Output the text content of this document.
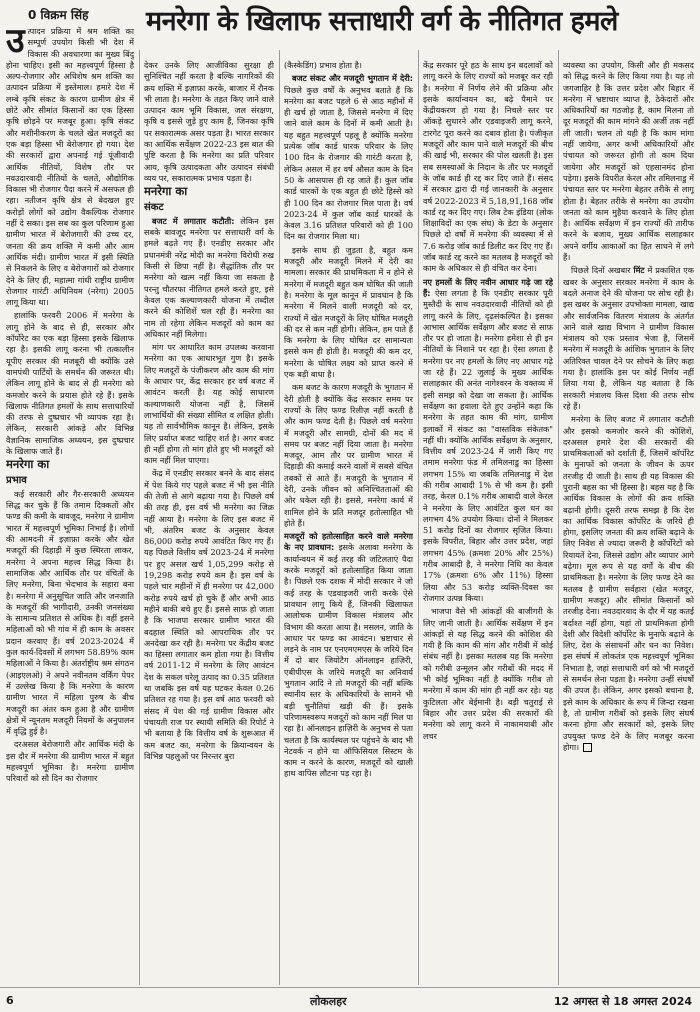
0 विक्रम सिंह मनरेगा के खिलाफ सत्ताधारी वर्ग के नीतिगत हमले

उत्पादन प्रक्रिया में श्रम शक्ति का सम्पूर्ण उपयोग किसी भी देश में विकास की अवधारणा का मुख्य बिंदु होना चाहिए। इसी का महत्त्वपूर्ण हिस्सा है अल्प-रोजगार और अधिशेष श्रम शक्ति का उत्पादन प्रक्रिया में इस्तेमाल। हमारे देश में लम्बे कृषि संकट के कारण ग्रामीण क्षेत्र में छोटे और सीमांत किसानों का एक हिस्सा कृषि छोड़ने पर मजबूर हुआ। कृषि संकट और मशीनीकरण के चलते खेत मजदूरों का एक बड़ा हिस्सा भी बेरोजगार हो गया। देश की सरकारों द्वारा अपनाई गई पूंजीवादी आर्थिक नीतियों, विशेष तौर पर नवउदारवादी नीतियों के चलते, औद्योगिक विकास भी रोजगार पैदा करने में असफल ही रहा। नतीजन कृषि क्षेत्र से बेदखल हुए करोड़ों लोगों को उद्योग वैकल्पिक रोजगार नहीं दे सका। इस सब का कुल परिणाम हुआ ग्रामीण भारत में बेरोजगारी की उच्च दर, जनता की क्रय शक्ति में कमी और आम आर्थिक मंदी। ग्रामीण भारत में इसी स्थिति से निकलने के लिए व बेरोजगारों को रोजगार देने के लिए ही, महात्मा गांधी राष्ट्रीय ग्रामीण रोजगार गारंटी अधिनियम (नरेगा) 2005 लागू किया था।

हालांकि फरवरी 2006 में मनरेगा के लागू होने के बाद से ही, सरकार और कॉर्पोरेट का एक बड़ा हिस्सा इसके खिलाफ रहा है। इसकी लागू करना भी तत्कालीन यूपीए सरकार की मजबूरी थी क्योंकि उसे वामपंथी पार्टियों के समर्थन की जरूरत थी। लेकिन लागू होने के बाद से ही मनरेगा को कमजोर करने के प्रयास होते रहे हैं। इसके खिलाफ नीतिगत हमलों के साथ सत्ताधारियों की तरफ से दुष्प्रचार भी व्यापक रहा है। लेकिन, सरकारी आंकड़े और विभिन्न वैज्ञानिक सामाजिक अध्ययन, इस दुष्प्रचार के खिलाफ जाते हैं।

मनरेगा का
प्रभाव

कई सरकारी और गैर-सरकारी अध्ययन सिद्ध कर चुके हैं कि तमाम दिक्कतों और फण्ड की कमी के बावजूद, मनरेगा ने ग्रामीण भारत में महत्त्वपूर्ण भूमिका निभाई है। लोगों की आमदनी में इज़ाफ़ा करके और खेत मजदूरों की दिहाड़ी में कुछ स्थिरता लाकर, मनरेगा ने अपना महत्त्व सिद्ध किया है। सामाजिक और आर्थिक तौर पर वंचितों के लिए मनरेगा, बिना भेदभाव के सहारा बना है। मनरेगा में अनुसूचित जाति और जनजाति के मजदूरों की भागीदारी, उनकी जनसंख्या के सामान्य प्रतिशत से अधिक है। वहीं इसने महिलाओं को भी गांव में ही काम के अवसर प्रदान करवाए हैं। वर्ष 2023-2024 में कुल कार्य-दिवसों में लगभग 58.89% काम महिलाओं ने किया है। अंतर्राष्ट्रीय श्रम संगठन (आइएलओ) ने अपने नवीनतम वर्किंग पेपर में उल्लेख किया है कि मनरेगा के कारण ग्रामीण भारत में महिला पुरुष के बीच मजदूरी का अंतर कम हुआ है और ग्रामीण क्षेत्रों में न्यूनतम मजदूरी नियमों के अनुपालन में वृद्धि हुई है।

दरअसल बेरोजगारी और आर्थिक मंदी के इस दौर में मनरेगा की ग्रामीण भारत में बहुत महत्त्वपूर्ण भूमिका है। मनरेगा ग्रामीण परिवारों को सौ दिन का रोजगार

देकर उनके लिए आजीविका सुरक्षा ही सुनिश्चित नहीं करता है बल्कि नागरिकों की क्रय शक्ति में इज़ाफ़ा करके, बाजार में रौनक भी लाता है। मनरेगा के तहत किए जाने वाले उत्पादन काम भूमि विकास, जल संरक्षण, कृषि व इससे जुड़े हुए काम हैं, जिनका कृषि पर सकारात्मक असर पड़ता है। भारत सरकार का आर्थिक सर्वेक्षण 2022-23 इस बात की पुष्टि करता है कि मनरेगा का प्रति परिवार आय, कृषि उत्पादकता और उत्पादन संबंधी व्यय पर, सकारात्मक प्रभाव पड़ता है।

मनरेगा का
संकट

बजट में लगातार कटौती: लेकिन इस सबके बावजूद मनरेगा पर सत्ताधारी वर्ग के हमले बढ़ते गए हैं। एनडीए सरकार और प्रधानमंत्री नरेंद्र मोदी का मनरेगा विरोधी रुख किसी से छिपा नहीं है। सैद्धांतिक तौर पर मनरेगा को खत्म नहीं किया जा सकता है परन्तु चौतरफा नीतिगत हमले करते हुए, इसे केवल एक कल्याणकारी योजना में तब्दील करने की कोशिशें चल रही हैं। मनरेगा का नाम तो रहेगा लेकिन मजदूरों को काम का अधिकार नहीं मिलेगा।

मांग पर आधारित काम उपलब्ध करवाना मनरेगा का एक आधारभूत गुण है। इसके लिए मजदूरों के पंजीकरण और काम की मांग के आधार पर, केंद्र सरकार हर वर्ष बजट में आवंटन करती है। यह कोई साधारण कल्याणकारी योजना नहीं है, जिसमें लाभार्थियों की संख्या सीमित व लक्षित होती। यह तो सार्वभौमिक कानून है। लेकिन, इसके लिए प्रर्याप्त बजट चाहिए शर्त है। अगर बजट ही नहीं होगा तो मांग होते हुए भी मजदूरों को काम नहीं मिल पाएगा।

केंद्र में एनडीए सरकार बनने के बाद संसद में पेश किये गए पहले बजट में भी इस नीति की तेजी से आगे बढ़ाया गया है। पिछले वर्ष की तरह ही, इस वर्ष भी मनरेगा का जिक्र नहीं आया है। मनरेगा के लिए इस बजट में भी, अंतरिम बजट के अनुसार केवल 86,000 करोड़ रुपये आवंटित किए गए हैं। यह पिछले वित्तीय वर्ष 2023-24 में मनरेगा पर हुए असल खर्च 1,05,299 करोड़ से 19,298 करोड़ रुपये कम है। इस वर्ष के पहले चार महीनों में ही मनरेगा पर 42,000 करोड़ रुपये खर्च हो चुके हैं और अभी आठ महीने बाकी बचे हुए हैं। इससे साफ़ हो जाता है कि भाजपा सरकार ग्रामीण भारत की बदहाल स्थिति को आपराधिक तौर पर अनदेखा कर रही है। मनरेगा पर केंद्रीय बजट का हिस्सा लगातार कम होता गया है। वित्तीय वर्ष 2011-12 में मनरेगा के लिए आवंटन देश के सकल घरेलू उत्पाद का 0.35 प्रतिशत था जबकि इस वर्ष यह घटकर केवल 0.26 प्रतिशत रह गया है। इस वर्ष आठ फरवरी को संसद में पेश की गई ग्रामीण विकास और पंचायती राज पर स्थायी समिति की रिपोर्ट ने भी बताया है कि वित्तीय वर्ष के शुरूआत में कम बजट का, मनरेगा के क्रियान्वयन के विभिन्न पहलुओं पर निरन्तर बुरा

(कैस्केडिंग) प्रभाव होता है।

बजट संकट और मजदूरी भुगतान में देरी: पिछले कुछ वर्षों के अनुभव बताते हैं कि मनरेगा का बजट पहले 6 से आठ महीनों में ही खर्च हो जाता है, जिससे मनरेगा में दिए जाने वाले काम के दिनों में कमी आती है। यह बहुत महत्त्वपूर्ण पहलू है क्योंकि मनरेगा प्रत्येक जॉब कार्ड धारक परिवार के लिए 100 दिन के रोजगार की गारंटी करता है, लेकिन असल में हर वर्ष औसत काम के दिन 50 के आसपास ही रह जाते हैं। कुल जॉब कार्ड धारकों के एक बहुत ही छोटे हिस्से को ही 100 दिन का रोजगार मिल पाता है। वर्ष 2023-24 में कुल जॉब कार्ड धारकों के केवल 3.16 प्रतिशत परिवारों को ही 100 दिन का रोजगार मिला था।

इसके साथ ही जुड़ता है, बहुत कम मजदूरी और मजदूरी मिलने में देरी का मामला। सरकार की प्राथमिकता में न होने से मनरेगा में मजदूरी बहुत कम घोषित की जाती है। मनरेगा के मूल कानून में प्रावधान है कि मनरेगा में मिलने वाली मजदूरी को दर, राज्यों में खेत मजदूरों के लिए घोषित मजदूरी की दर से कम नहीं होगी। लेकिन, हम पाते हैं कि मनरेगा के लिए घोषित दर सामान्यतः इससे कम ही होती है। मजदूरी की कम दर, मनरेगा के घोषित लक्ष्य को प्राप्त करने में एक बड़ी बाधा है।

कम बजट के कारण मजदूरी के भुगतान में देरी होती है क्योंकि केंद्र सरकार समय पर राज्यों के लिए फण्ड रिलीज़ नहीं करती है और काम फण्ड देती है। पिछले वर्ष मनरेगा में मजदूरी और सामग्री, दोनों की मद में समय पर बजट नहीं दिया जाता है। मनरेगा मजदूर, आम तौर पर ग्रामीण भारत में दिहाड़ी की कमाई करने वालों में सबसे वंचित तबकों से आते हैं। मजदूरी के भुगतान में देरी, उनके जीवन को अनिश्चितताओं की ओर धकेल रही है। इससे, मनरेगा कार्य में शामिल होने के प्रति मजदूर हतोत्साहित भी होते हैं।

मजदूरों को हतोत्साहित करने वाले मनरेगा के नए प्रावधान: इसके अलावा मनरेगा के कार्यान्वयन में कई तरह की जटिलताएं पैदा करके मजदूरों को हतोत्साहित किया जाता है। पिछले एक दशक में मोदी सरकार ने जो कई तरह के एडवाइजरी जारी करके ऐसे प्रावधान लागू किये हैं, जिनकी खिलाफत आलोचक ग्रामीण विकास मंत्रालय और विभाग की करता आया है। मसलन, जाति के आधार पर फण्ड का आवंटन। भ्रष्टाचार से लड़ने के नाम पर एनएमएमएस के जरिये दिन में दो बार जियोटैग ऑनलाइन हाज़िरी, एबीपीएस के जरिये मजदूरी का अनिवार्य भुगतान आदि ने तो मजदूरों की नहीं बल्कि स्थानीय स्तर के अधिकारियों के सामने भी बड़ी चुनौतियां खड़ी की हैं। इसके परिणामस्वरूप मजदूरों को काम नहीं मिल पा रहा है। ऑनलाइन हाज़िरी के अनुभव से पता चलता है कि कार्यस्थल पर पहुंचने के बाद भी नेटवर्क न होने या ऑफिसियल सिस्टम के काम न करने के कारण, मजदूरों को खाली हाथ वापिस लौटना पड़ रहा है।

केंद्र सरकार पूरे हठ के साथ इन बदलावों को लागू करने के लिए राज्यों को मजबूर कर रही है। मनरेगा में निर्णय लेने की प्रक्रिया और इसके कार्यान्वयन का, बढ़े पैमाने पर केंद्रीयकरण हो गया है। निचले स्तर पर ऑकड़े सुधारने और एडवाइजरी लागू करने, टारगेट पूरा करने का दबाव होता है। पंजीकृत मजदूरों और काम पाने वाले मजदूरों की बीच की खाई भी, सरकार की पोल खलती है। इस सब समस्याओं के निदान के तौर पर मजदूरों के जॉब कार्ड ही रद्द कर दिए जाते हैं। संसद में सरकार द्वारा दी गई जानकारी के अनुसार वर्ष 2022-2023 में 5,18,91,168 जॉब कार्ड रद्द कर दिए गए। लिब टेक इंडिया (लोक शिक्षाविदों का एक संघ) के डेटा के अनुसार पिछले दो वर्षों में मनरेगा की व्यवस्था में से 7.6 करोड़ जॉब कार्ड डिलीट कर दिए गए हैं। जॉब कार्ड रद्द करने का मतलब है मजदूरों को काम के अधिकार से ही वंचित कर देना।

नए हमलों के लिए नवीन आधार गढ़े जा रहे हैं: ऐसा लगता है कि एनडीए सरकार पूरी मुस्तैदी के साथ नवउदारवादी नीतियों को ही लागू करने के लिए, दृढ़संकल्पित है। इसका आभास आर्थिक सर्वेक्षण और बजट से साफ़ तौर पर हो जाता है। मनरेगा हमेशा से ही इन नीतियों के निशाने पर रहा है। ऐसा लगता है मनरेगा पर नए हमलों के लिए नए आधार गढ़े जा रहे हैं। 22 जुलाई के मुख्य आर्थिक सलाहकार की अनंत नागेश्वरन के वक्तव्य में इसी समझ को देखा जा सकता है। आर्थिक सर्वेक्षण का हवाला देते हुए उन्होंने कहा कि मनरेगा के तहत काम की मांग, ग्रामीण इलाकों में संकट का "वास्तविक संकेतक" नहीं थी। क्योंकि आर्थिक सर्वेक्षण के अनुसार, वित्तीय वर्ष 2023-24 में जारी किए गए तमाम मनरेगा फंड में तमिलनाडु का हिस्सा लगभग 15% था जबकि तमिलनाडु में देश की गरीब आबादी 1% से भी कम है। इसी तरह, केरल 0.1% गरीब आबादी वाले केरल ने मनरेगा के लिए आवंटित कुल धन का लगभग 4% उपयोग किया। दोनों ने मिलकर 51 करोड़ दिनों का रोजगार सृजित किया। इसके विपरीत, बिहार और उत्तर प्रदेश, जहां लगभग 45% (क्रमशः 20% और 25%) गरीब आबादी है, ने मनरेगा निधि का केवल 17% (क्रमशः 6% और 11%) हिस्सा लिया और 53 करोड़ व्यक्ति-दिवस का रोजगार उत्पन्न किया।

भाजपा वैसे भी आंकड़ों की बाजीगरी के लिए जानी जाती है। आर्थिक सर्वेक्षण में इन आंकड़ों से यह सिद्ध करने की कोशिश की गयी है कि काम की मांग और गरीबी में कोई संबंध नहीं है। इसका मतलब यह कि मनरेगा को गरीबी उन्मूलन और गरीबों की मदद में भी कोई भूमिका नहीं है क्योंकि गरीब तो मनरेगा में काम की मांग ही नहीं कर रहे। यह कुटिलता और बेईमानी है। बड़ी चतुराई से बिहार और उत्तर प्रदेश की सरकारों की मनरेगा को लागू करने में नाकामयाबी और लचर

व्यवस्था का उपयोग, किसी और ही मकसद को सिद्ध करने के लिए किया गया है। यह तो जगजाहिर है कि उत्तर प्रदेश और बिहार में मनरेगा में भ्रष्टाचार व्याप्त है, ठेकेदारों और अधिकारियों का गठजोड़ है, काम मिलना तो दूर मजदूरों की काम मांगने की अर्जी तक नहीं ली जाती। चलन तो यही है कि काम मांगा नहीं जायेगा, अगर कभी अधिकारियों और पंचायत को जरूरत होगी तो काम दिया जायेगा और मजदूरों को एहसानमंद होना पड़ेगा। इसके विपरीत केरल और तमिलनाडु में पंचायत स्तर पर मनरेगा बेहतर तरीके से लागू होता है। बेहतर तरीके से मनरेगा का उपयोग जनता को काम मुहैया करवाने के लिए होता है। आर्थिक सर्वेक्षण में इन राज्यों की तारीफ करने के बजाय, मुख्य आर्थिक सलाहकार अपने वर्गीय आकाओं का हित साधने में लगे हैं।

पिछले दिनों अखबार मिंट में प्रकाशित एक खबर के अनुसार सरकार मनरेगा में काम के बदले अनाज देने की योजना पर सोच रही है। इस खबर के अनुसार उपभोक्ता मामला, खाद्य और सार्वजनिक वितरण मंत्रालय के अंतर्गत आने वाले खाद्य विभाग ने ग्रामीण विकास मंत्रालय को एक प्रस्ताव भेजा है, जिसमें मनरेगा में मजदूरी के आंशिक भुगतान के लिए अतिरिक्त चावल देने पर सोचने के लिए कहा गया है। हालांकि इस पर कोई निर्णय नहीं लिया गया है, लेकिन यह बताता है कि सरकारी मंत्रालय किस दिशा की तरफ सोच रहे हैं।

मनरेगा के लिए बजट में लगातार कटौती और इसको कमजोर करने की कोशिशें, दरअसल हमारे देश की सरकारों की प्राथमिकताओं को दर्शाती हैं, जिसमें कॉर्पोरेट के मुनाफों को जनता के जीवन के ऊपर तरजीह दी जाती है। साथ ही यह विकास की पुरानी बहस का भी हिस्सा है। बहस यह है कि आर्थिक विकास के लोगों की क्रय शक्ति बढ़ानी होगी। दूसरी तरफ समझ है कि देश का आर्थिक विकास कॉर्पोरेट के जरिये ही होगा, इसलिए जनता की क्रय शक्ति बढ़ाने के लिए निवेश से ज्यादा जरूरी है कॉर्पोरेटों को रियायतें देना, जिससे उद्योग और व्यापार आगे बढ़ेगा। मूल रूप से यह वर्गों के बीच की प्राथमिकता है। मनरेगा के लिए फण्ड देने का मतलब है ग्रामीण सर्वहारा (खेत मजदूर, ग्रामीण मजदूर) और सीमांत किसानों को तरजीह देना। नवउदारवाद के दौर में यह कतई बर्दाश्त नहीं होगा, यहां तो प्राथमिकता होगी देशी और विदेशी कॉर्पोरेट के मुनाफे बढ़ाने के लिए, देश के संसाधनों और धन का निवेश। इस संघर्ष में लोकतंत्र एक महत्त्वपूर्ण भूमिका निभाता है, जहां सत्ताधारी वर्ग को भी मजदूरों से समर्थन लेना पड़ता है। मनरेगा उन्हीं संघर्षों की उपज है। लेकिन, अगर इसको बचाना है, इसे काम के अधिकार के रूप में जिन्दा रखना है, तो ग्रामीण गरीबों को इसके लिए संघर्ष करना होगा और सरकारों को, इसके लिए उपयुक्त फण्ड देने के लिए मजबूर करना होगा।

6	लोकलहर	12 अगस्त से 18 अगस्त 2024
